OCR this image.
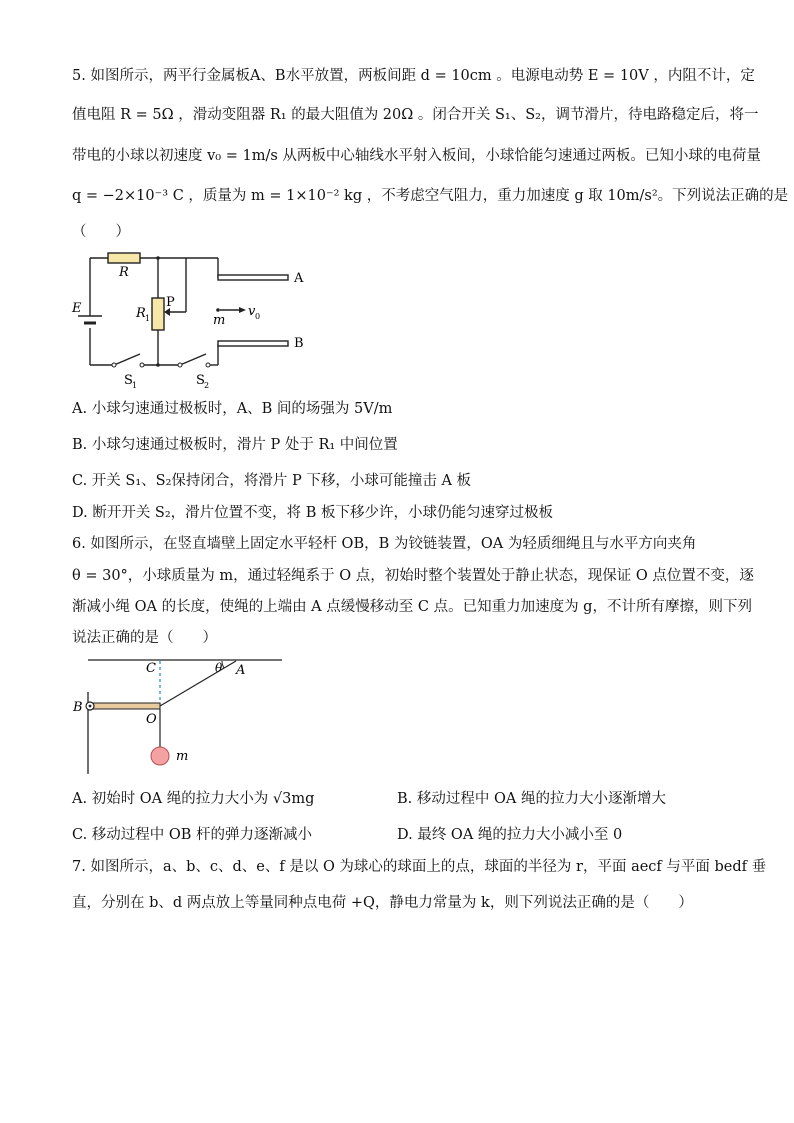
5. 如图所示，两平行金属板A、B水平放置，两板间距 d = 10cm 。电源电动势 E = 10V ，内阻不计，定
值电阻 R = 5Ω ，滑动变阻器 R₁ 的最大阻值为 20Ω 。闭合开关 S₁、S₂，调节滑片，待电路稳定后，将一
带电的小球以初速度 v₀ = 1m/s 从两板中心轴线水平射入板间，小球恰能匀速通过两板。已知小球的电荷量
q = −2×10⁻³ C ，质量为 m = 1×10⁻² kg ，不考虑空气阻力，重力加速度 g 取 10m/s²。下列说法正确的是
（　　）
R
E	R 1
P
m
v 0
A
B
S 1	S 2
A. 小球匀速通过极板时，A、B 间的场强为 5V/m
B. 小球匀速通过极板时，滑片 P 处于 R₁ 中间位置
C. 开关 S₁、S₂保持闭合，将滑片 P 下移，小球可能撞击 A 板
D. 断开开关 S₂，滑片位置不变，将 B 板下移少许，小球仍能匀速穿过极板
6. 如图所示，在竖直墙壁上固定水平轻杆 OB，B 为铰链装置，OA 为轻质细绳且与水平方向夹角
θ = 30°，小球质量为 m，通过轻绳系于 O 点，初始时整个装置处于静止状态，现保证 O 点位置不变，逐
渐减小绳 OA 的长度，使绳的上端由 A 点缓慢移动至 C 点。已知重力加速度为 g，不计所有摩擦，则下列
说法正确的是（　　）
C	θ A
B
O
m
A. 初始时 OA 绳的拉力大小为 √3mg	B. 移动过程中 OA 绳的拉力大小逐渐增大
C. 移动过程中 OB 杆的弹力逐渐减小	D. 最终 OA 绳的拉力大小减小至 0
7. 如图所示，a、b、c、d、e、f 是以 O 为球心的球面上的点，球面的半径为 r，平面 aecf 与平面 bedf 垂
直，分别在 b、d 两点放上等量同种点电荷 +Q，静电力常量为 k，则下列说法正确的是（　　）
